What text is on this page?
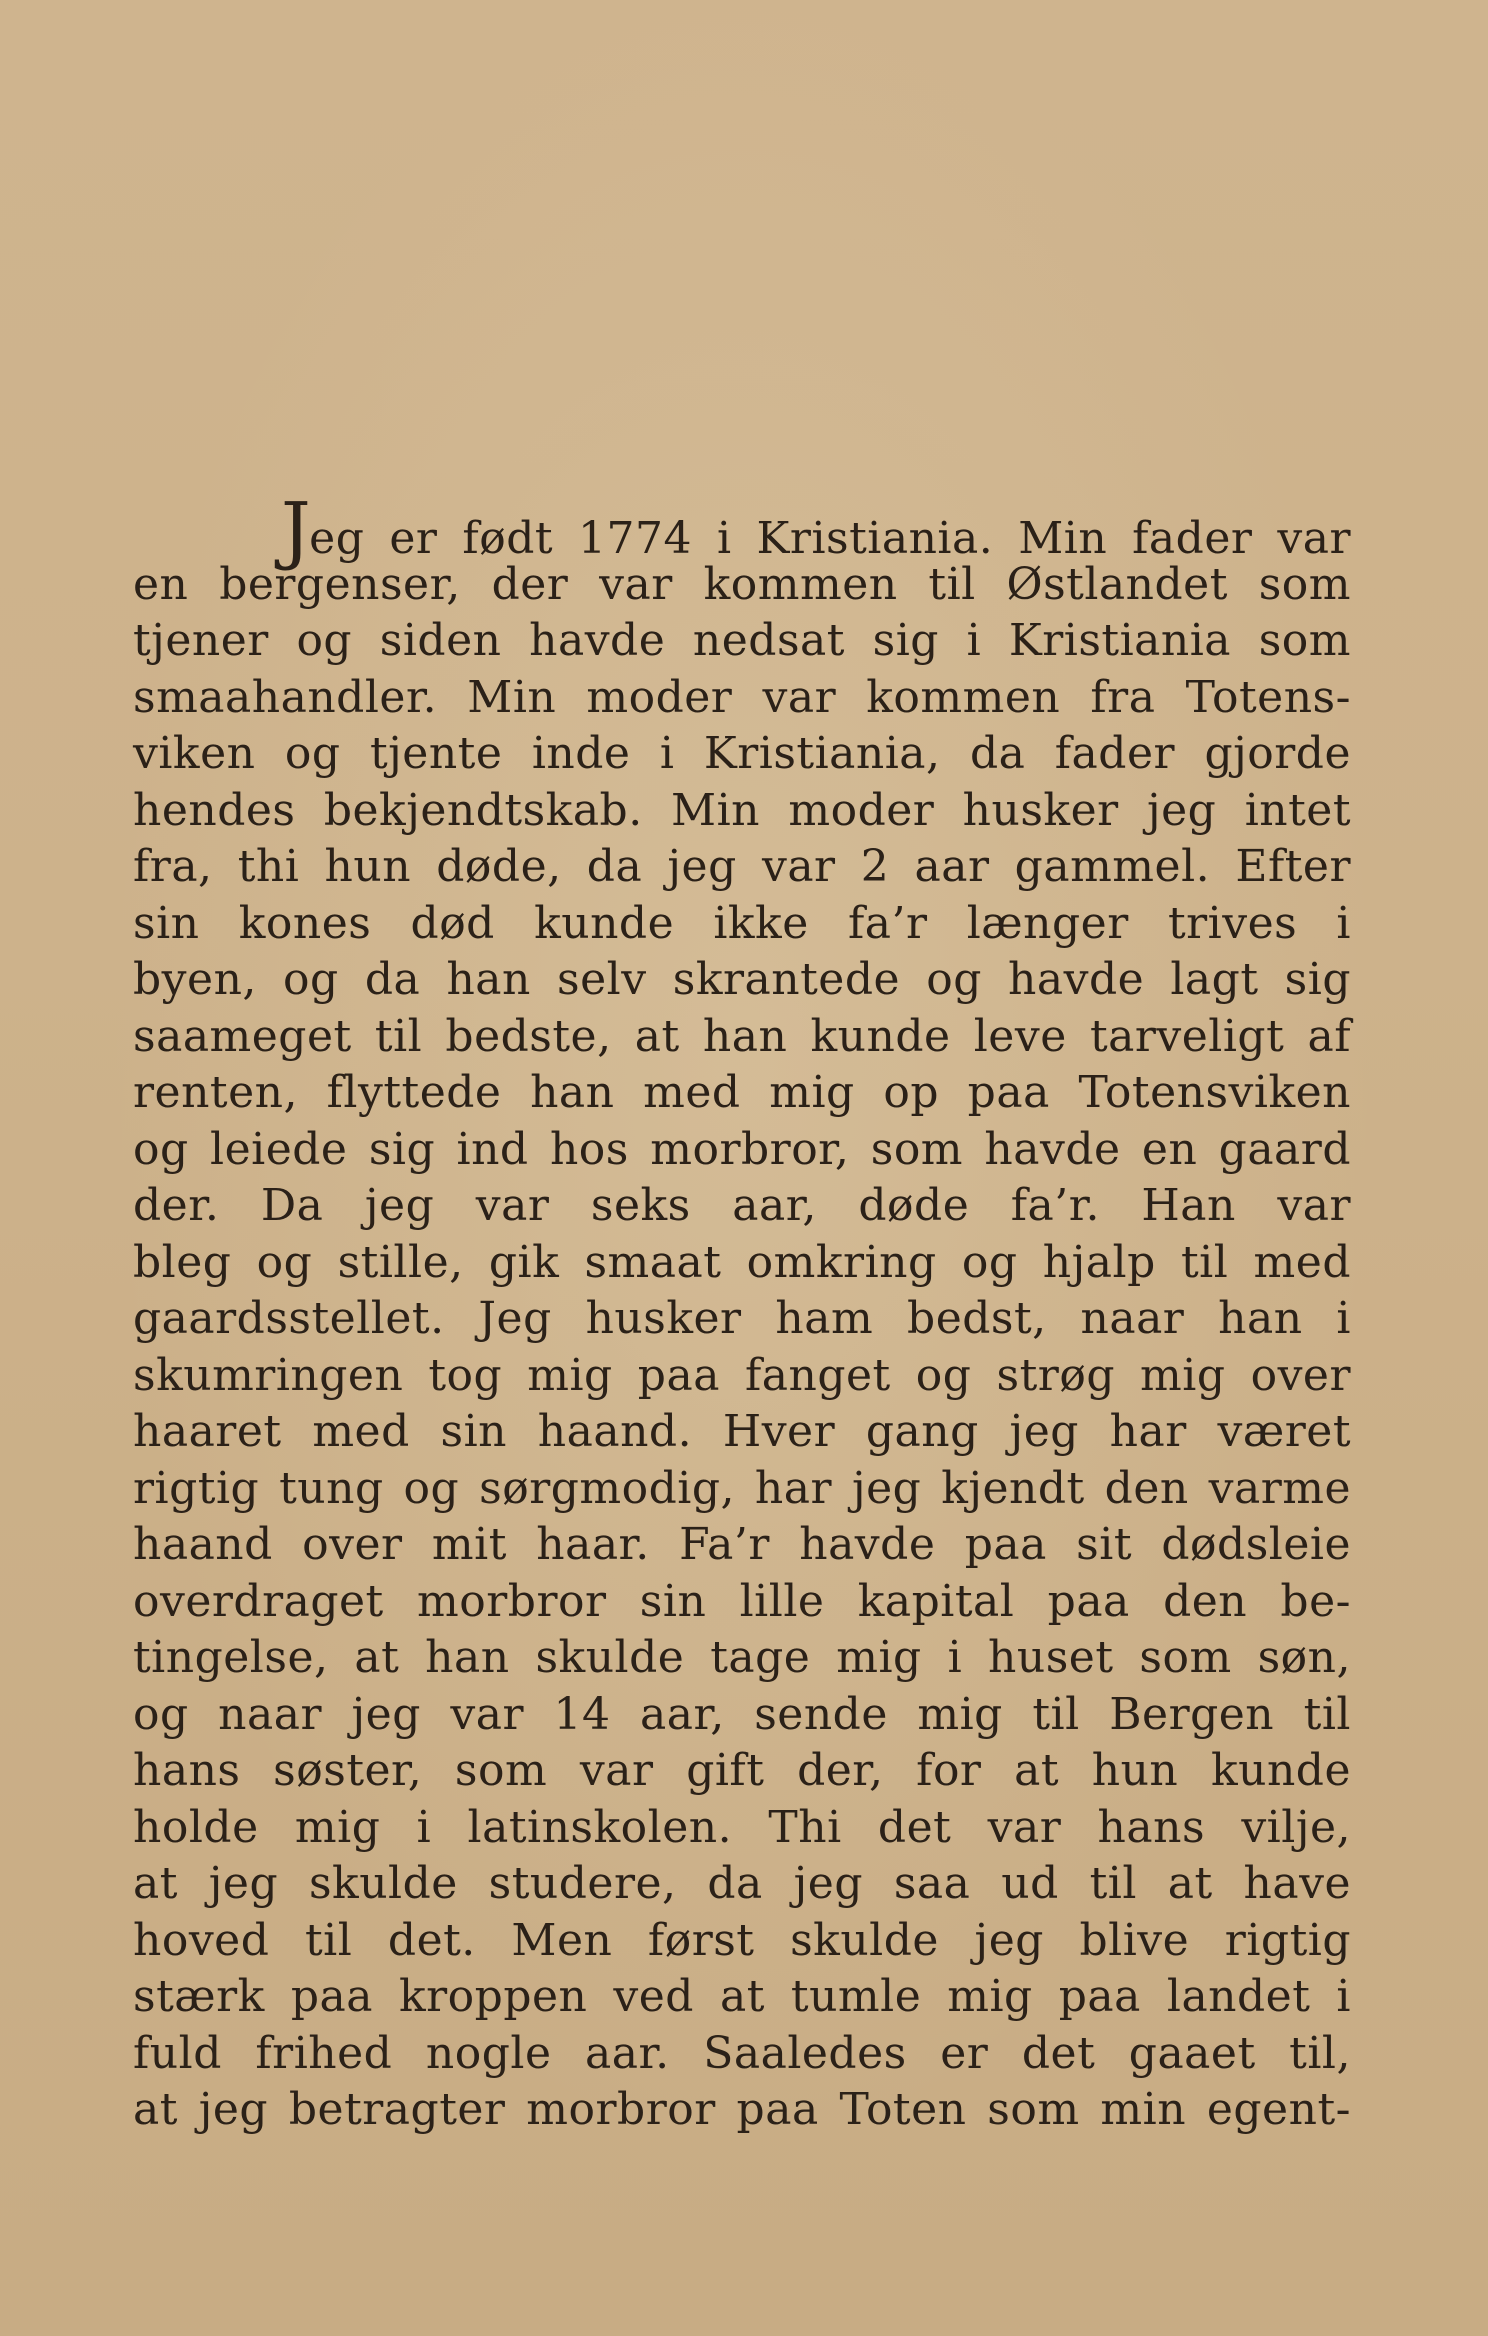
Jeg er født 1774 i Kristiania. Min fader var
en bergenser, der var kommen til Østlandet som
tjener og siden havde nedsat sig i Kristiania som
smaahandler. Min moder var kommen fra Totens-
viken og tjente inde i Kristiania, da fader gjorde
hendes bekjendtskab. Min moder husker jeg intet
fra, thi hun døde, da jeg var 2 aar gammel. Efter
sin kones død kunde ikke fa’r længer trives i
byen, og da han selv skrantede og havde lagt sig
saameget til bedste, at han kunde leve tarveligt af
renten, flyttede han med mig op paa Totensviken
og leiede sig ind hos morbror, som havde en gaard
der. Da jeg var seks aar, døde fa’r. Han var
bleg og stille, gik smaat omkring og hjalp til med
gaardsstellet. Jeg husker ham bedst, naar han i
skumringen tog mig paa fanget og strøg mig over
haaret med sin haand. Hver gang jeg har været
rigtig tung og sørgmodig, har jeg kjendt den varme
haand over mit haar. Fa’r havde paa sit dødsleie
overdraget morbror sin lille kapital paa den be-
tingelse, at han skulde tage mig i huset som søn,
og naar jeg var 14 aar, sende mig til Bergen til
hans søster, som var gift der, for at hun kunde
holde mig i latinskolen. Thi det var hans vilje,
at jeg skulde studere, da jeg saa ud til at have
hoved til det. Men først skulde jeg blive rigtig
stærk paa kroppen ved at tumle mig paa landet i
fuld frihed nogle aar. Saaledes er det gaaet til,
at jeg betragter morbror paa Toten som min egent-
